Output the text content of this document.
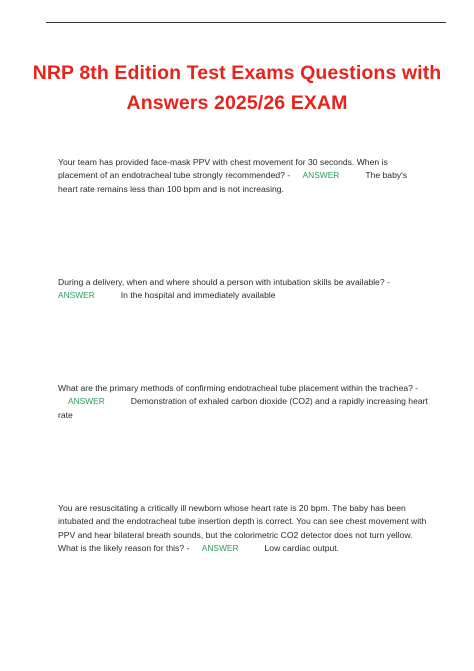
NRP 8th Edition Test Exams Questions with Answers 2025/26 EXAM

Your team has provided face-mask PPV with chest movement for 30 seconds. When is placement of an endotracheal tube strongly recommended? - ANSWER	The baby's heart rate remains less than 100 bpm and is not increasing.

During a delivery, when and where should a person with intubation skills be available? - ANSWER	In the hospital and immediately available

What are the primary methods of confirming endotracheal tube placement within the trachea? - ANSWER	Demonstration of exhaled carbon dioxide (CO2) and a rapidly increasing heart rate

You are resuscitating a critically ill newborn whose heart rate is 20 bpm. The baby has been intubated and the endotracheal tube insertion depth is correct. You can see chest movement with PPV and hear bilateral breath sounds, but the colorimetric CO2 detector does not turn yellow. What is the likely reason for this? - ANSWER	Low cardiac output.
